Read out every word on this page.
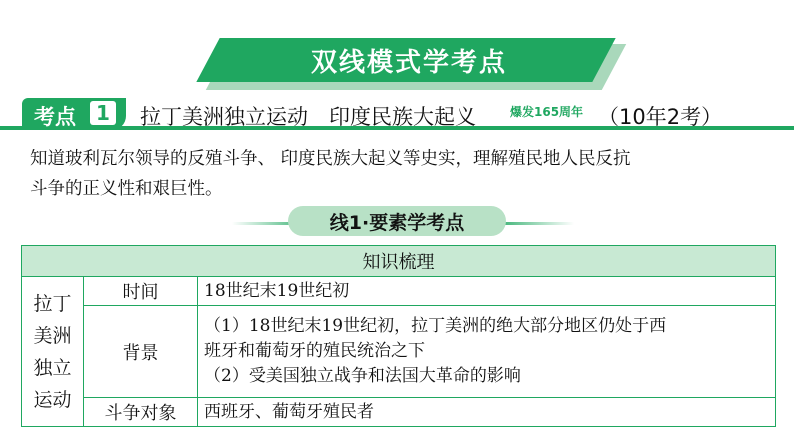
双线模式学考点
考点	1 拉丁美洲独立运动　印度民族大起义	爆发165周年 （10年2考）
知道玻利瓦尔领导的反殖斗争、 印度民族大起义等史实，理解殖民地人民反抗
斗争的正义性和艰巨性。
线1·要素学考点
知识梳理		

拉丁
美洲
独立
运动	时间	18世纪末19世纪初

	背景	（1）18世纪末19世纪初，拉丁美洲的绝大部分地区仍处于西
班牙和葡萄牙的殖民统治之下
（2）受美国独立战争和法国大革命的影响

	斗争对象	西班牙、葡萄牙殖民者
